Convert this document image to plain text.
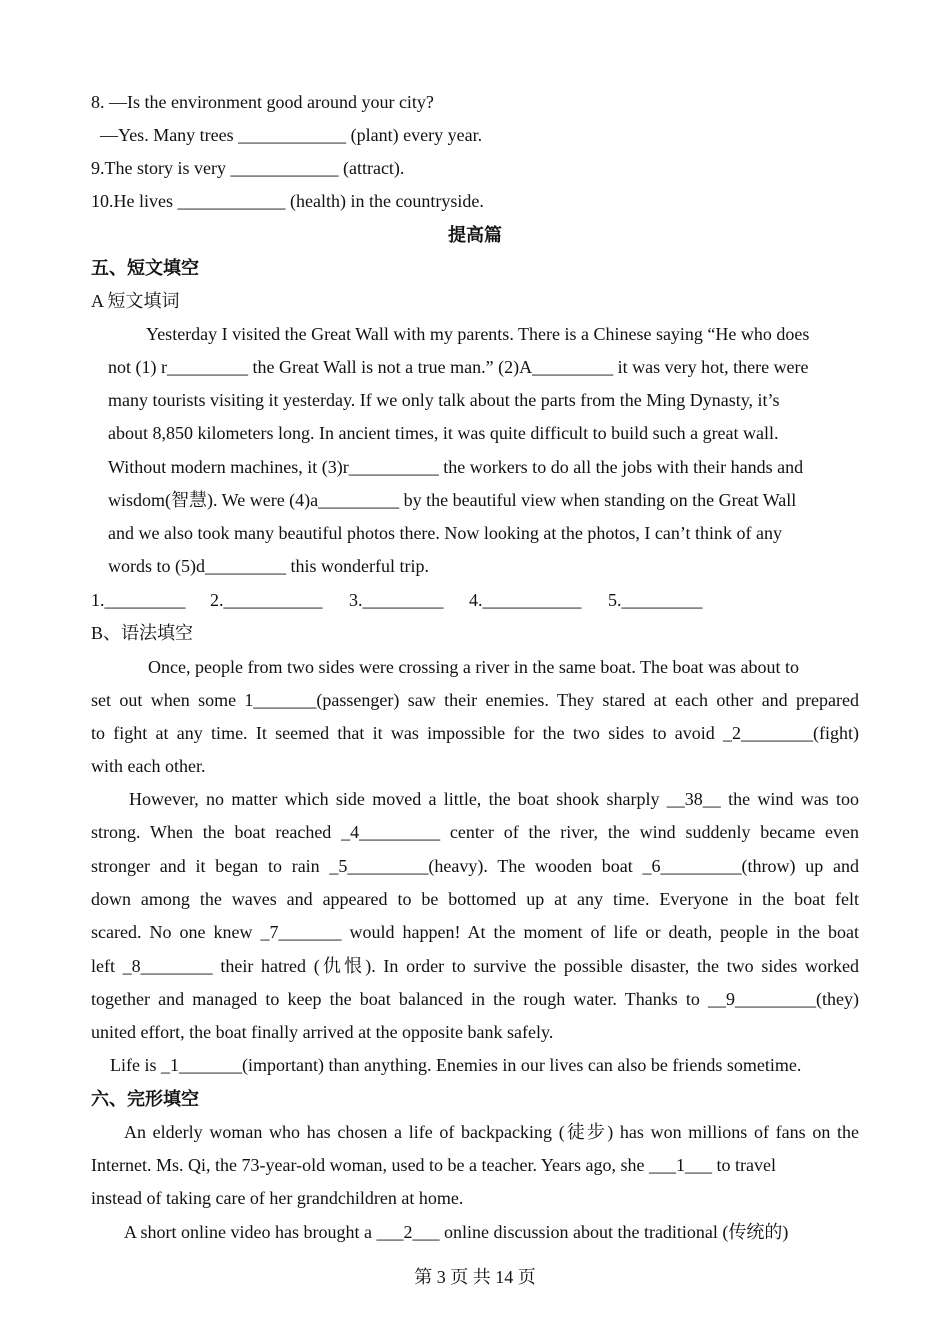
8. —Is the environment good around your city?
—Yes. Many trees ____________ (plant) every year.
9.The story is very ____________ (attract).
10.He lives ____________ (health) in the countryside.
提高篇
五、短文填空
A 短文填词
Yesterday I visited the Great Wall with my parents. There is a Chinese saying “He who does
not (1) r_________ the Great Wall is not a true man.” (2)A_________ it was very hot, there were
many tourists visiting it yesterday. If we only talk about the parts from the Ming Dynasty, it’s
about 8,850 kilometers long. In ancient times, it was quite difficult to build such a great wall.
Without modern machines, it (3)r__________ the workers to do all the jobs with their hands and
wisdom(智慧). We were (4)a_________ by the beautiful view when standing on the Great Wall
and we also took many beautiful photos there. Now looking at the photos, I can’t think of any
words to (5)d_________ this wonderful trip.
1._________ 2.___________ 3._________ 4.___________ 5._________
B、语法填空
Once, people from two sides were crossing a river in the same boat. The boat was about to
set out when some 1_______(passenger) saw their enemies. They stared at each other and prepared
to fight at any time. It seemed that it was impossible for the two sides to avoid _2________(fight)
with each other.
However, no matter which side moved a little, the boat shook sharply __38__ the wind was too
strong. When the boat reached _4_________ center of the river, the wind suddenly became even
stronger and it began to rain _5_________(heavy). The wooden boat _6_________(throw) up and
down among the waves and appeared to be bottomed up at any time. Everyone in the boat felt
scared. No one knew _7_______ would happen! At the moment of life or death, people in the boat
left _8________ their hatred (仇恨). In order to survive the possible disaster, the two sides worked
together and managed to keep the boat balanced in the rough water. Thanks to __9_________(they)
united effort, the boat finally arrived at the opposite bank safely.
Life is _1_______(important) than anything. Enemies in our lives can also be friends sometime.
六、完形填空
An elderly woman who has chosen a life of backpacking (徒步) has won millions of fans on the
Internet. Ms. Qi, the 73-year-old woman, used to be a teacher. Years ago, she ___1___ to travel
instead of taking care of her grandchildren at home.
A short online video has brought a ___2___ online discussion about the traditional (传统的)
第 3 页 共 14 页
